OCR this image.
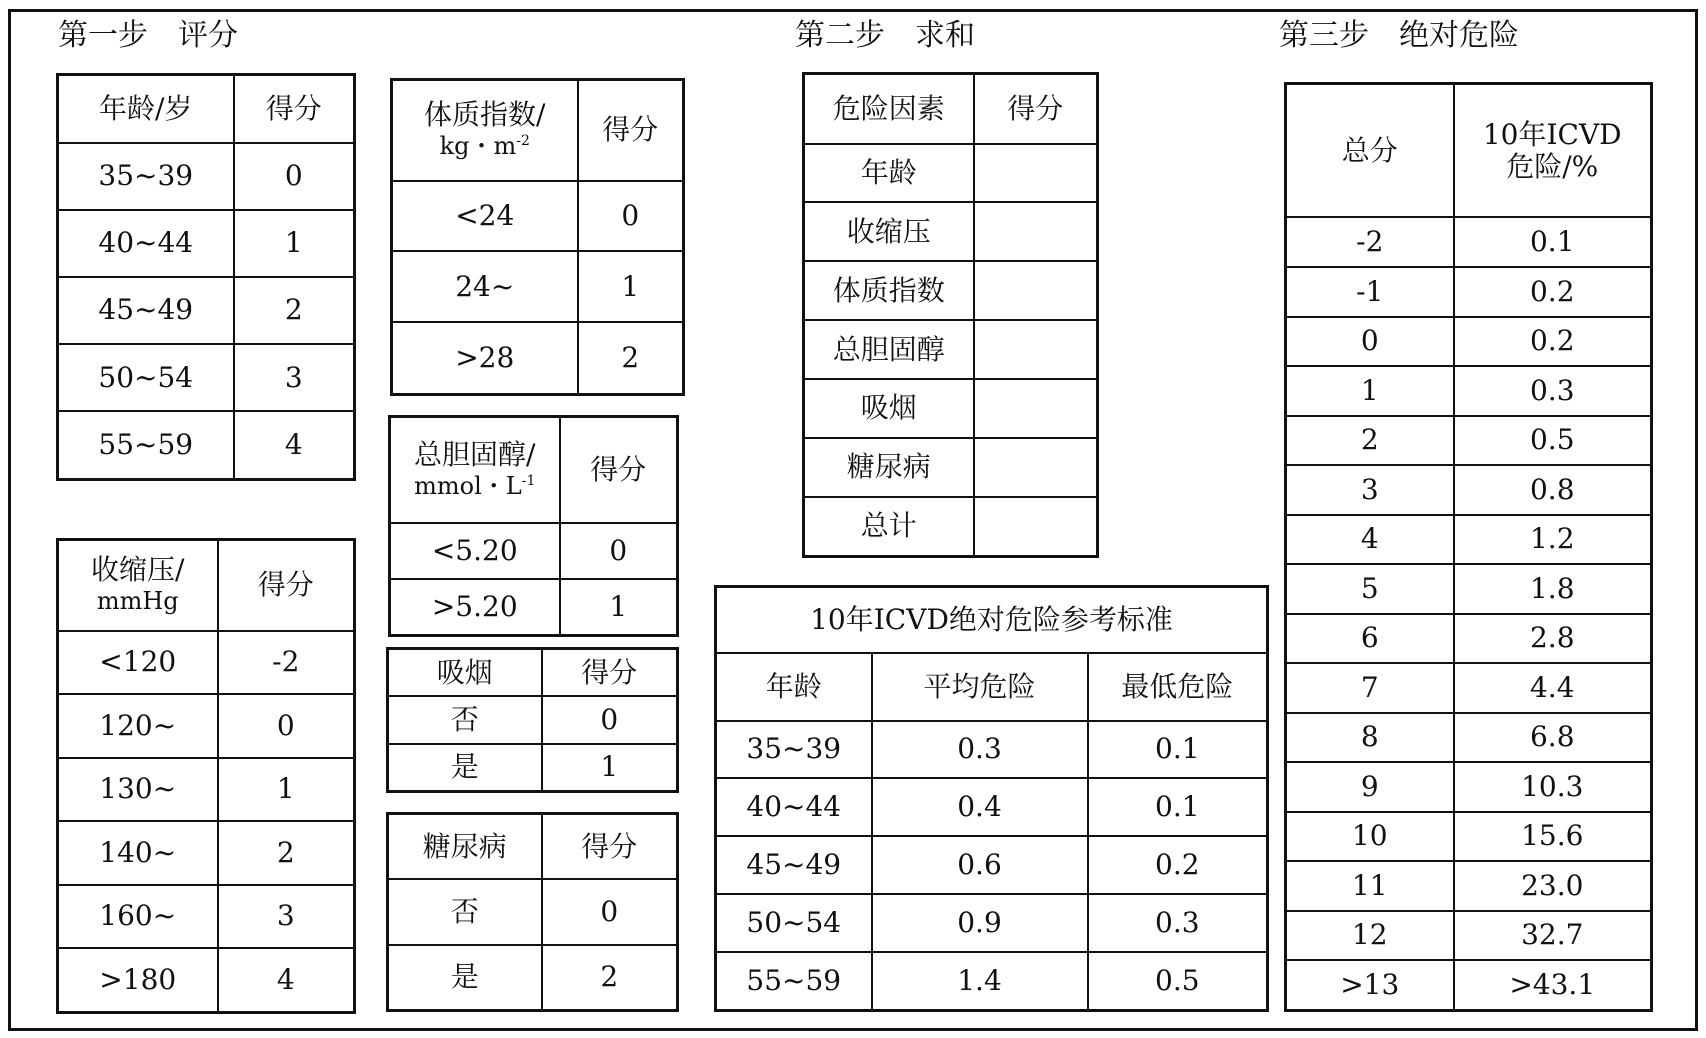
第一步　评分	第二步　求和	第三步　绝对危险
年龄/岁	得分
35~39	0
40~44	1
45~49	2
50~54	3
55~59	4
收缩压/
mmHg	得分
<120	-2
120~	0
130~	1
140~	2
160~	3
>180	4
体质指数/
kg・$m^{-2}$	得分
<24	0
24~	1
>28	2
总胆固醇/
mmol・$L^{-1}$	得分
<5.20	0
>5.20	1
吸烟	得分
否	0
是	1
糖尿病	得分
否	0
是	2
危险因素	得分
年龄	
收缩压	
体质指数	
总胆固醇	
吸烟	
糖尿病	
总计	
10年ICVD绝对危险参考标准		
年龄	平均危险	最低危险
35~39	0.3	0.1
40~44	0.4	0.1
45~49	0.6	0.2
50~54	0.9	0.3
55~59	1.4	0.5
总分	10年ICVD
危险/%

-2	0.1
-1	0.2
0	0.2
1	0.3
2	0.5
3	0.8
4	1.2
5	1.8
6	2.8
7	4.4
8	6.8
9	10.3
10	15.6
11	23.0
12	32.7
>13	>43.1
